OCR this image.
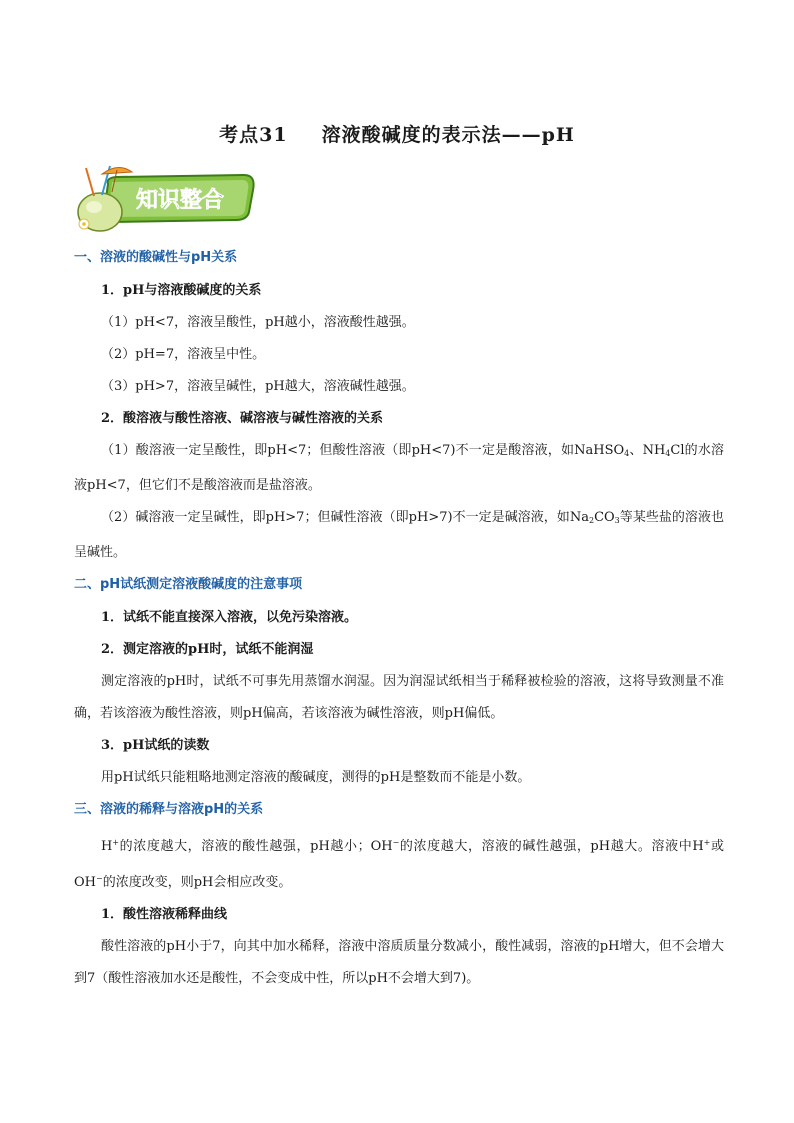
考点31 溶液酸碱度的表示法——pH
知识整合
一、溶液的酸碱性与pH关系
1．pH与溶液酸碱度的关系
（1）pH<7，溶液呈酸性，pH越小，溶液酸性越强。
（2）pH=7，溶液呈中性。
（3）pH>7，溶液呈碱性，pH越大，溶液碱性越强。
2．酸溶液与酸性溶液、碱溶液与碱性溶液的关系
（1）酸溶液一定呈酸性，即pH<7；但酸性溶液（即pH<7)不一定是酸溶液，如NaHSO$_4$、$NH_4Cl$的水溶液pH<7，但它们不是酸溶液而是盐溶液。
（2）碱溶液一定呈碱性，即pH>7；但碱性溶液（即pH>7)不一定是碱溶液，如$Na_2CO_3$等某些盐的溶液也呈碱性。
二、pH试纸测定溶液酸碱度的注意事项
1．试纸不能直接深入溶液，以免污染溶液。
2．测定溶液的pH时，试纸不能润湿
测定溶液的pH时，试纸不可事先用蒸馏水润湿。因为润湿试纸相当于稀释被检验的溶液，这将导致测量不准确，若该溶液为酸性溶液，则pH偏高，若该溶液为碱性溶液，则pH偏低。
3．pH试纸的读数
用pH试纸只能粗略地测定溶液的酸碱度，测得的pH是整数而不能是小数。
三、溶液的稀释与溶液pH的关系
H+的浓度越大，溶液的酸性越强，pH越小；OH−的浓度越大，溶液的碱性越强，pH越大。溶液中H+或OH−的浓度改变，则pH会相应改变。
1．酸性溶液稀释曲线
酸性溶液的pH小于7，向其中加水稀释，溶液中溶质质量分数减小，酸性减弱，溶液的pH增大，但不会增大到7（酸性溶液加水还是酸性，不会变成中性，所以pH不会增大到7)。
